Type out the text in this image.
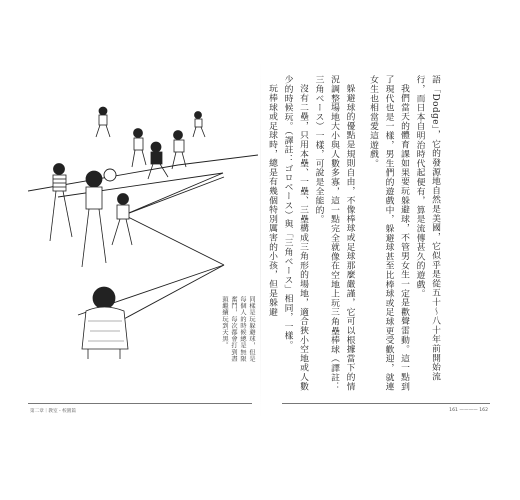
同樣是玩躲避球，但是每個人的時候總是無限奮鬥，每次都會打到盡頭繼續玩到天黑。	語「Dodge」，它的發源地自然是美國，它似乎是從五十～八十年前開始流行，而日本自明治時代起便有，算是流傳甚久的遊戲。

我們當天的體育課如果要玩躲避球，不管男女生一定是歡聲雷動。這一點到了現代也是一樣，男生們的遊戲中，躲避球甚至比棒球或足球更受歡迎，就連女生也相當愛這遊戲。

躲避球的優點是規則自由，不像棒球或足球那麼嚴謹，它可以根據當下的情況調整場地大小與人數多寡，這一點完全就像在空地上玩三角壘棒球（譯註：三角ベース）一樣，可說是全能的。

沒有二壘，只用本壘、一壘、三壘構成三角形的場地，適合狹小空地或人數少的時候玩。（譯註：ゴロベース）與「三角ベース」相同，一樣。

玩棒球或足球時，總是有幾個特別厲害的小孩，但是躲避

第二章｜教室・校園篇	161 ———— 162
